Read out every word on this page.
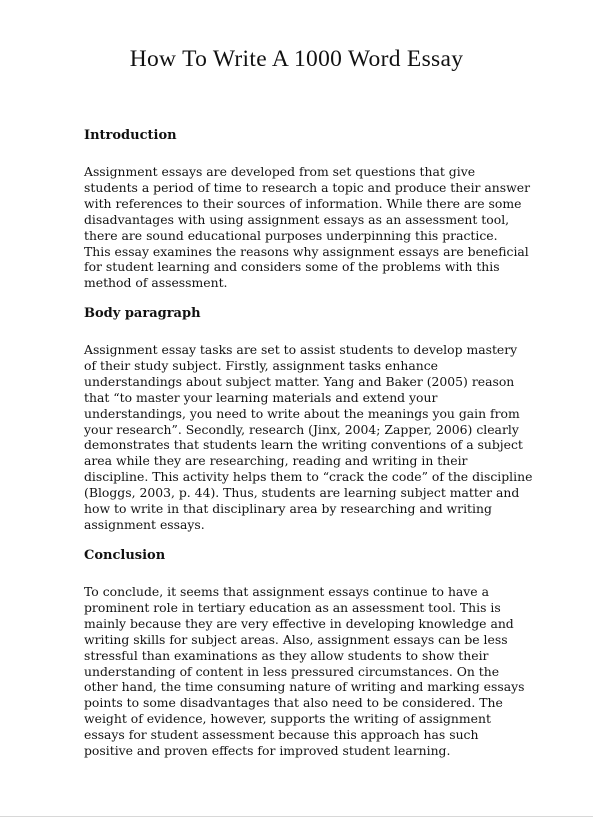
How To Write A 1000 Word Essay
Introduction

Assignment essays are developed from set questions that give
students a period of time to research a topic and produce their answer
with references to their sources of information. While there are some
disadvantages with using assignment essays as an assessment tool,
there are sound educational purposes underpinning this practice.
This essay examines the reasons why assignment essays are beneficial
for student learning and considers some of the problems with this
method of assessment.

Body paragraph

Assignment essay tasks are set to assist students to develop mastery
of their study subject. Firstly, assignment tasks enhance
understandings about subject matter. Yang and Baker (2005) reason
that “to master your learning materials and extend your
understandings, you need to write about the meanings you gain from
your research”. Secondly, research (Jinx, 2004; Zapper, 2006) clearly
demonstrates that students learn the writing conventions of a subject
area while they are researching, reading and writing in their
discipline. This activity helps them to “crack the code” of the discipline
(Bloggs, 2003, p. 44). Thus, students are learning subject matter and
how to write in that disciplinary area by researching and writing
assignment essays.

Conclusion

To conclude, it seems that assignment essays continue to have a
prominent role in tertiary education as an assessment tool. This is
mainly because they are very effective in developing knowledge and
writing skills for subject areas. Also, assignment essays can be less
stressful than examinations as they allow students to show their
understanding of content in less pressured circumstances. On the
other hand, the time consuming nature of writing and marking essays
points to some disadvantages that also need to be considered. The
weight of evidence, however, supports the writing of assignment
essays for student assessment because this approach has such
positive and proven effects for improved student learning.
